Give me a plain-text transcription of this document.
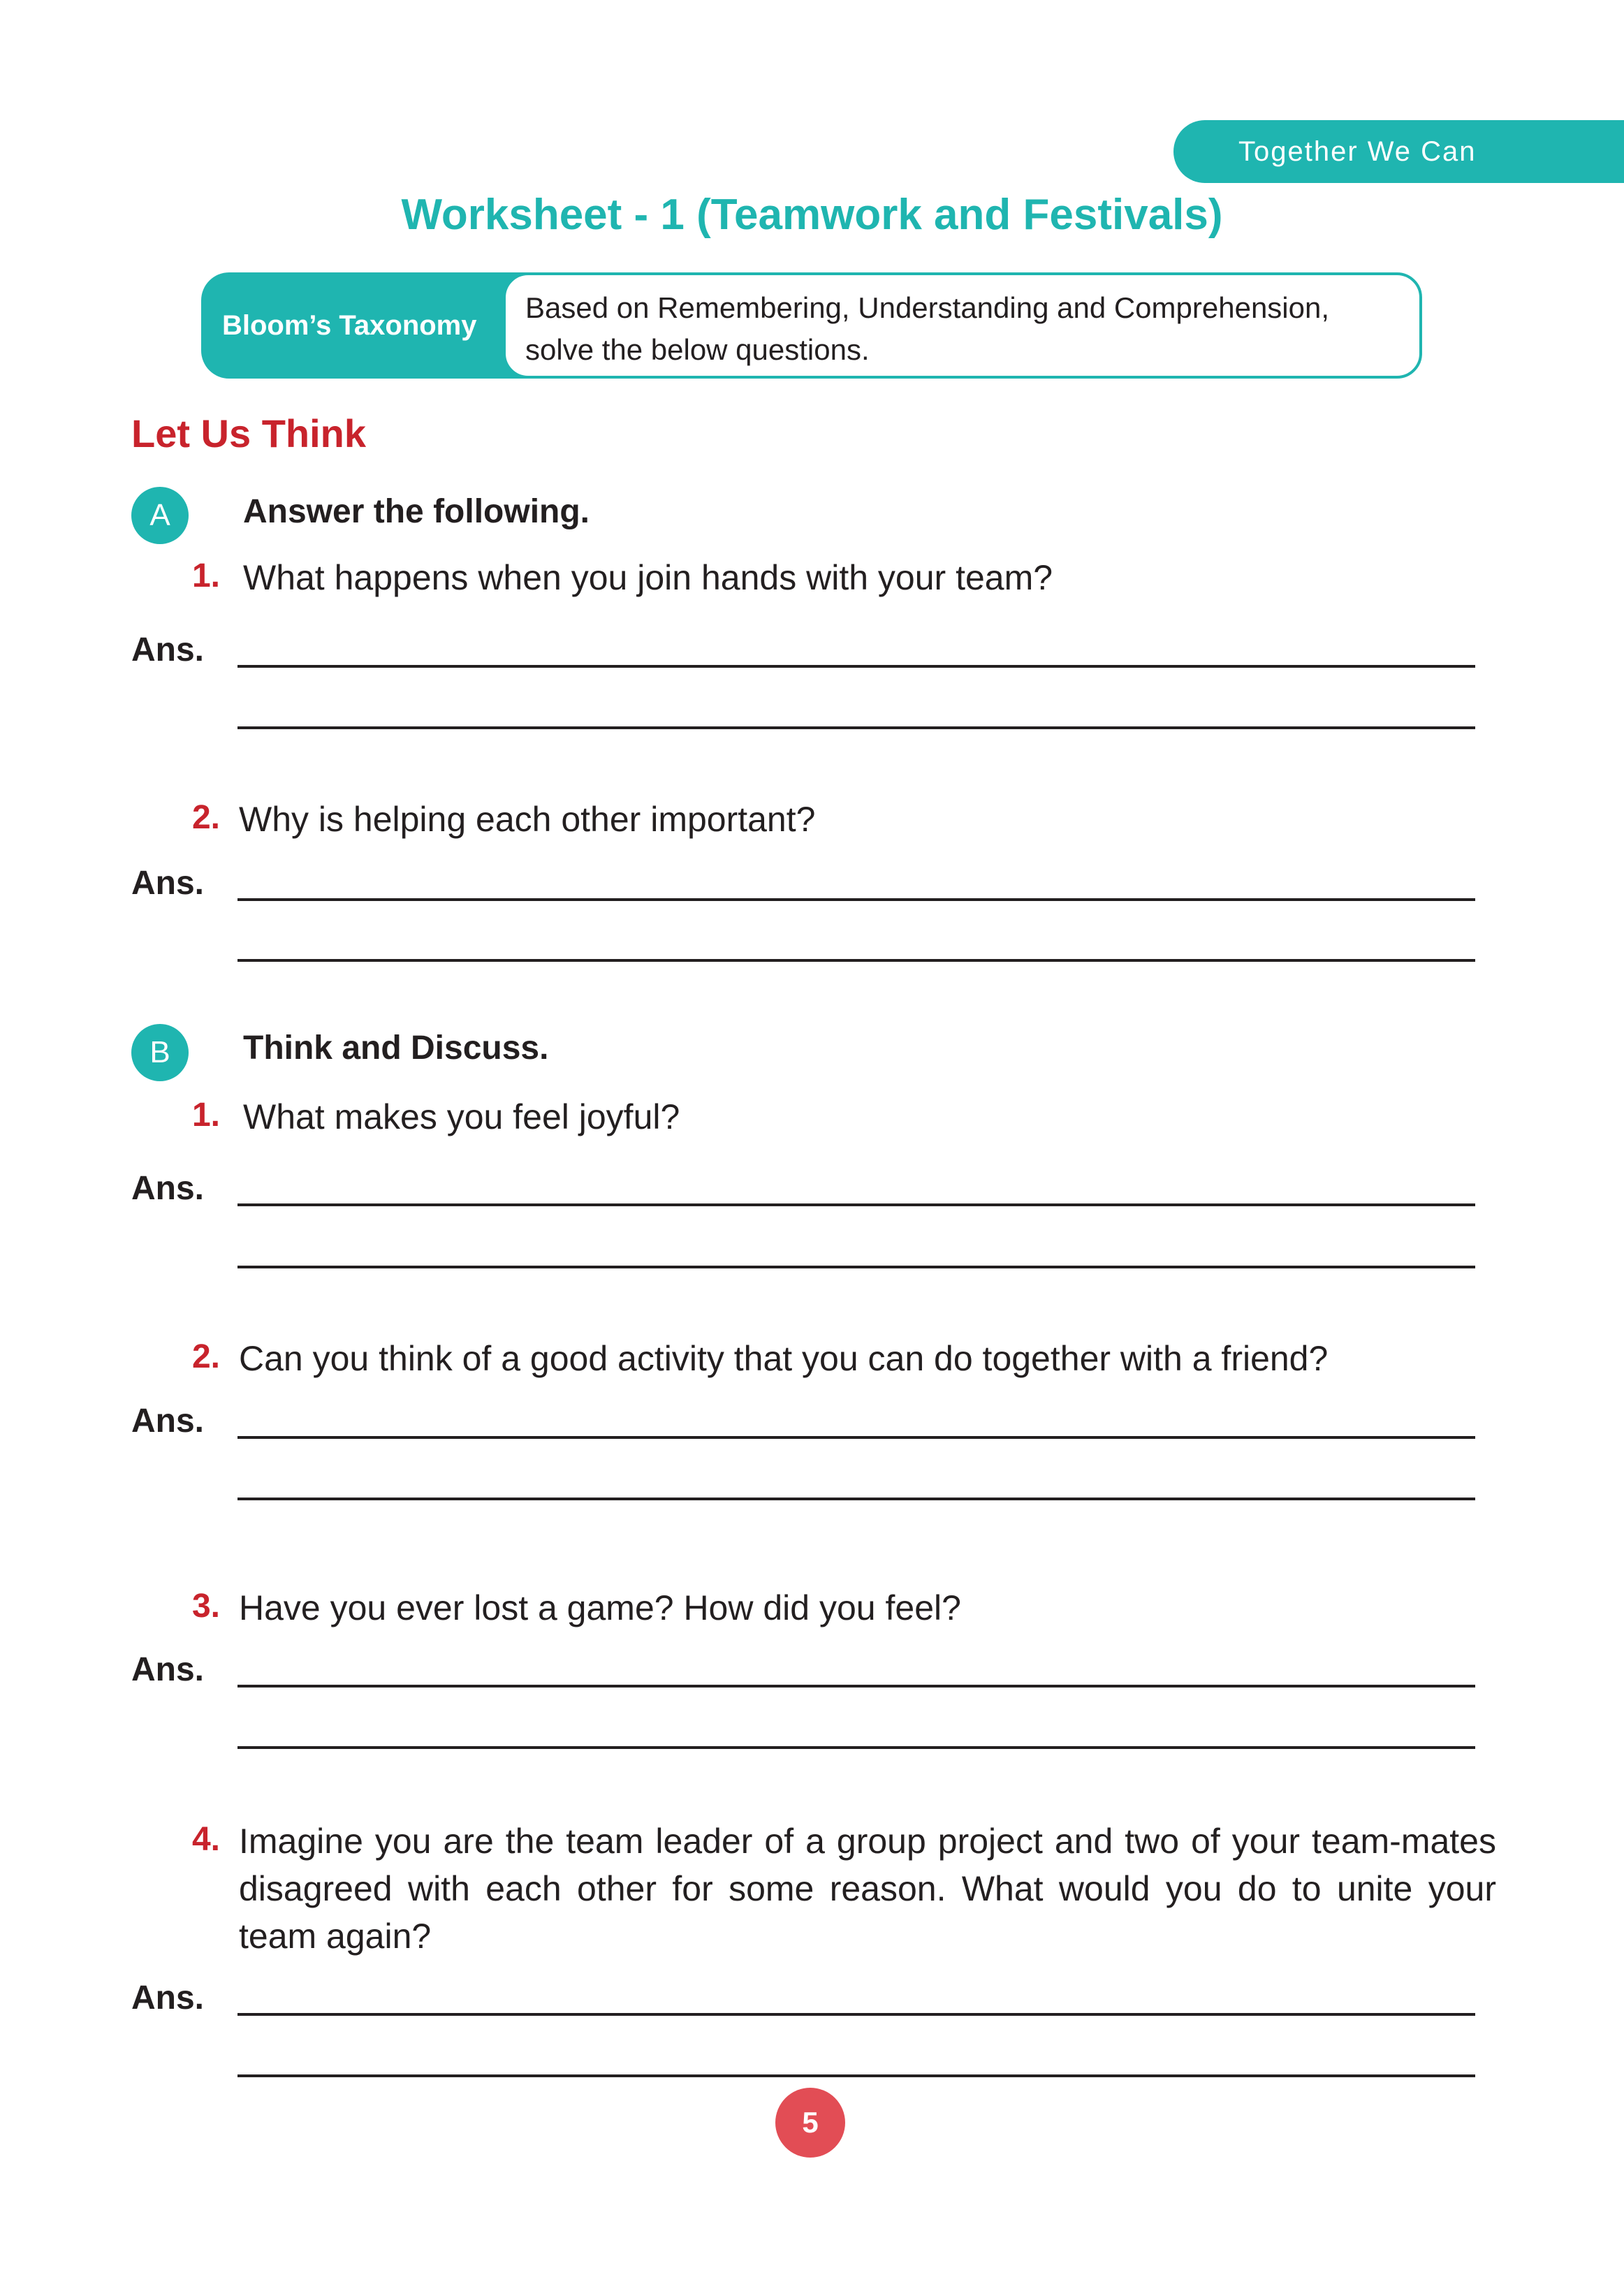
Together We Can
Worksheet - 1 (Teamwork and Festivals)
Bloom’s Taxonomy
Based on Remembering, Understanding and Comprehension,
solve the below questions.
Let Us Think
A	Answer the following.
1. What happens when you join hands with your team?
Ans.
2. Why is helping each other important?
Ans.
B	Think and Discuss.
1. What makes you feel joyful?
Ans.
2. Can you think of a good activity that you can do together with a friend?
Ans.
3. Have you ever lost a game? How did you feel?
Ans.
4. Imagine you are the team leader of a group project and two of your team-mates disagreed with each other for some reason. What would you do to unite your team again?
Ans.
5
